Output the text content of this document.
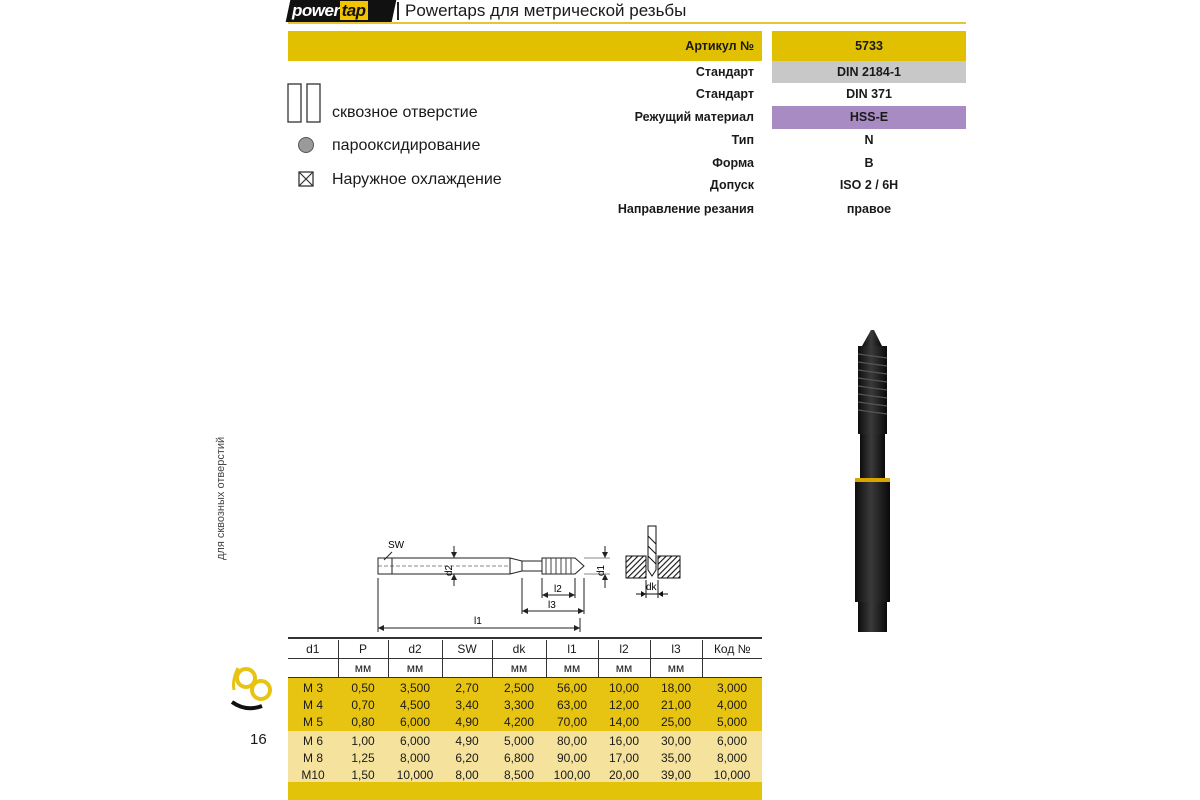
power tap	Powertaps для метрической резьбы
Артикул №	5733
Стандарт	DIN 2184-1
Стандарт	DIN 371
Режущий материал	HSS-E
Тип	N
Форма	B
Допуск	ISO 2 / 6H
Направление резания	правое
сквозное отверстие
парооксидирование
Наружное охлаждение
SW
d2	d1
l2
l3
l1
dk
для сквозных отверстий
16
d1	P	d2	SW	dk	l1	l2	l3	Код №
	мм	мм		мм	мм	мм	мм	
M 3	0,50	3,500	2,70	2,500	56,00	10,00	18,00	3,000
M 4	0,70	4,500	3,40	3,300	63,00	12,00	21,00	4,000
M 5	0,80	6,000	4,90	4,200	70,00	14,00	25,00	5,000
M 6	1,00	6,000	4,90	5,000	80,00	16,00	30,00	6,000
M 8	1,25	8,000	6,20	6,800	90,00	17,00	35,00	8,000
M10	1,50	10,000	8,00	8,500	100,00	20,00	39,00	10,000
